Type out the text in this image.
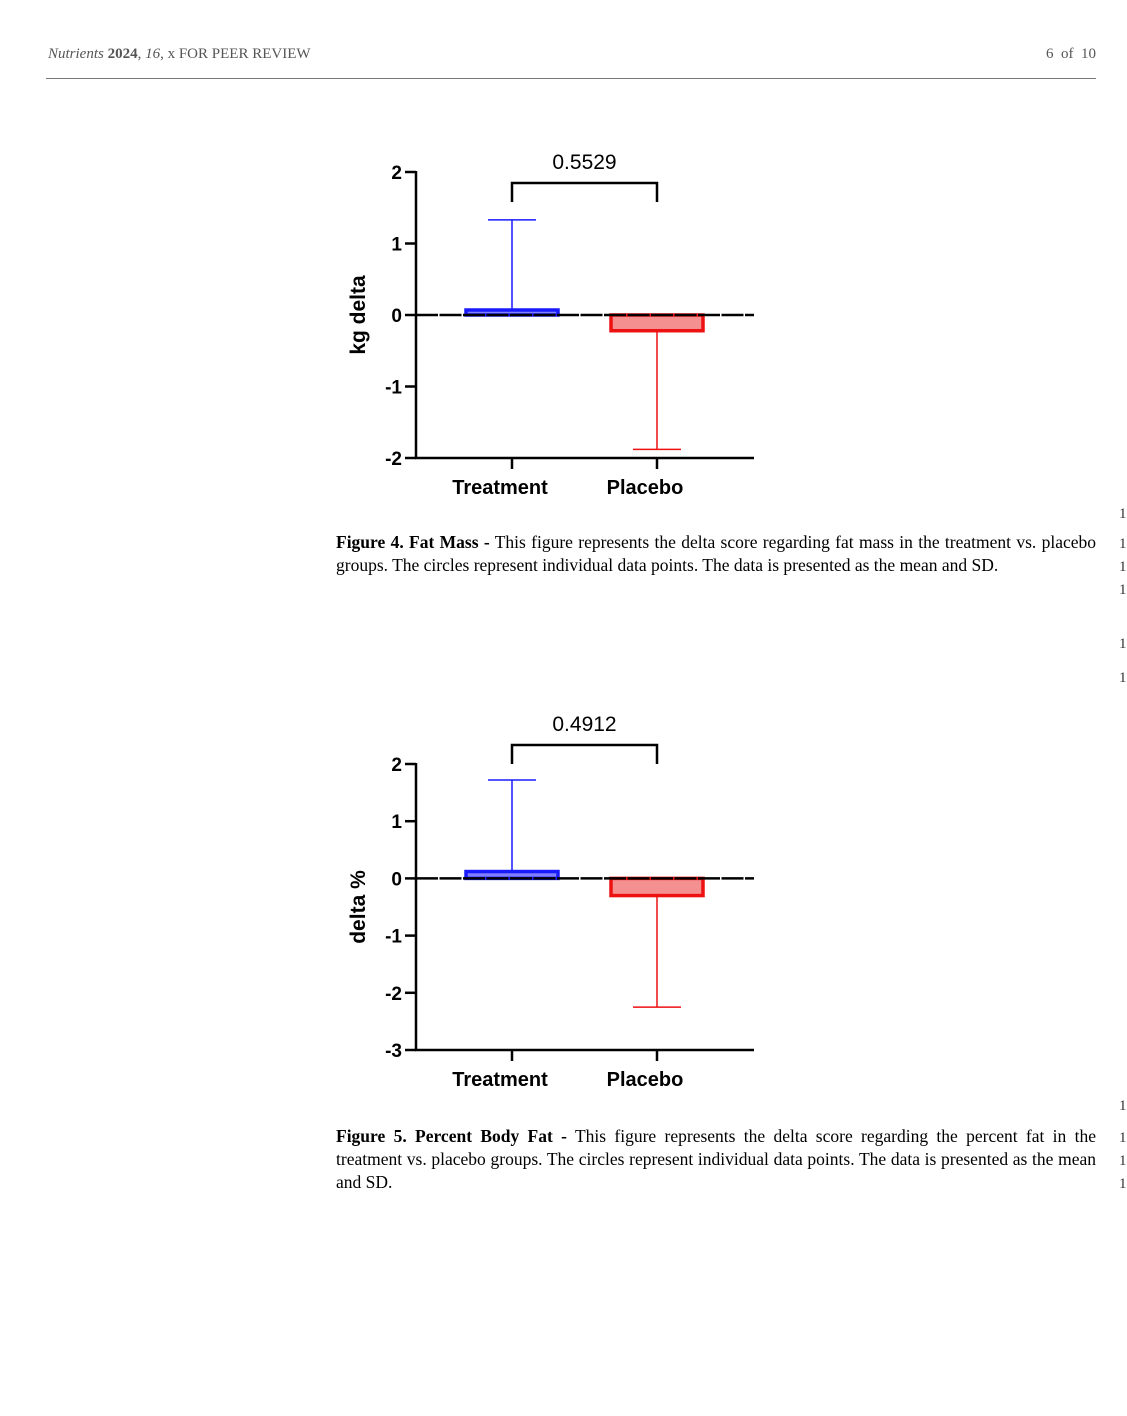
Nutrients 2024, 16, x FOR PEER REVIEW	6 of 10
2
1
0
-1
-2
kg delta
Treatment	Placebo
0.5529
Figure 4. Fat Mass - This figure represents the delta score regarding fat mass in the treatment vs. placebo groups. The circles represent individual data points. The data is presented as the mean and SD.
2
1
0
-1
-2
-3
delta %
Treatment	Placebo
0.4912
Figure 5. Percent Body Fat - This figure represents the delta score regarding the percent fat in the treatment vs. placebo groups. The circles represent individual data points. The data is presented as the mean and SD.
1
1
1
1
1
1
1
1
1
1
